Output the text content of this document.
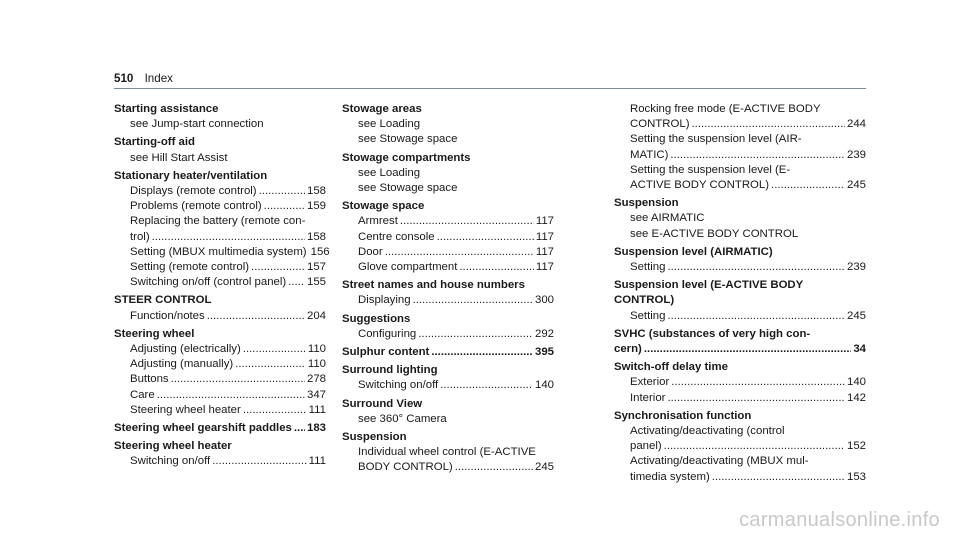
510 Index
Starting assistance
see Jump-start connection
Starting-off aid
see Hill Start Assist
Stationary heater/ventilation
Displays (remote control) .....	158
Problems (remote control) .....	159
Replacing the battery (remote con-
trol) .....	158
Setting (MBUX multimedia system) 156
Setting (remote control) .....	157
Switching on/off (control panel) ..... 155
STEER CONTROL
Function/notes .....	204
Steering wheel
Adjusting (electrically) .....	110
Adjusting (manually) .....	110
Buttons .....	278
Care .....	347
Steering wheel heater .....	111
Steering wheel gearshift paddles ..... 183
Steering wheel heater
Switching on/off .....	111
Stowage areas
see Loading
see Stowage space
Stowage compartments
see Loading
see Stowage space
Stowage space
Armrest .....	117
Centre console .....	117
Door .....	117
Glove compartment .....	117
Street names and house numbers
Displaying .....	300
Suggestions
Configuring .....	292
Sulphur content .....	395
Surround lighting
Switching on/off .....	140
Surround View
see 360° Camera
Suspension
Individual wheel control (E-ACTIVE
BODY CONTROL) .....	245
Rocking free mode (E-ACTIVE BODY
CONTROL) .....	244
Setting the suspension level (AIR-
MATIC) .....	239
Setting the suspension level (E-
ACTIVE BODY CONTROL) .....	245
Suspension
see AIRMATIC
see E-ACTIVE BODY CONTROL
Suspension level (AIRMATIC)
Setting .....	239
Suspension level (E-ACTIVE BODY
CONTROL)
Setting .....	245
SVHC (substances of very high con-
cern) .....	34
Switch-off delay time
Exterior .....	140
Interior .....	142
Synchronisation function
Activating/deactivating (control
panel) .....	152
Activating/deactivating (MBUX mul-
timedia system) .....	153
carmanualsonline.info
